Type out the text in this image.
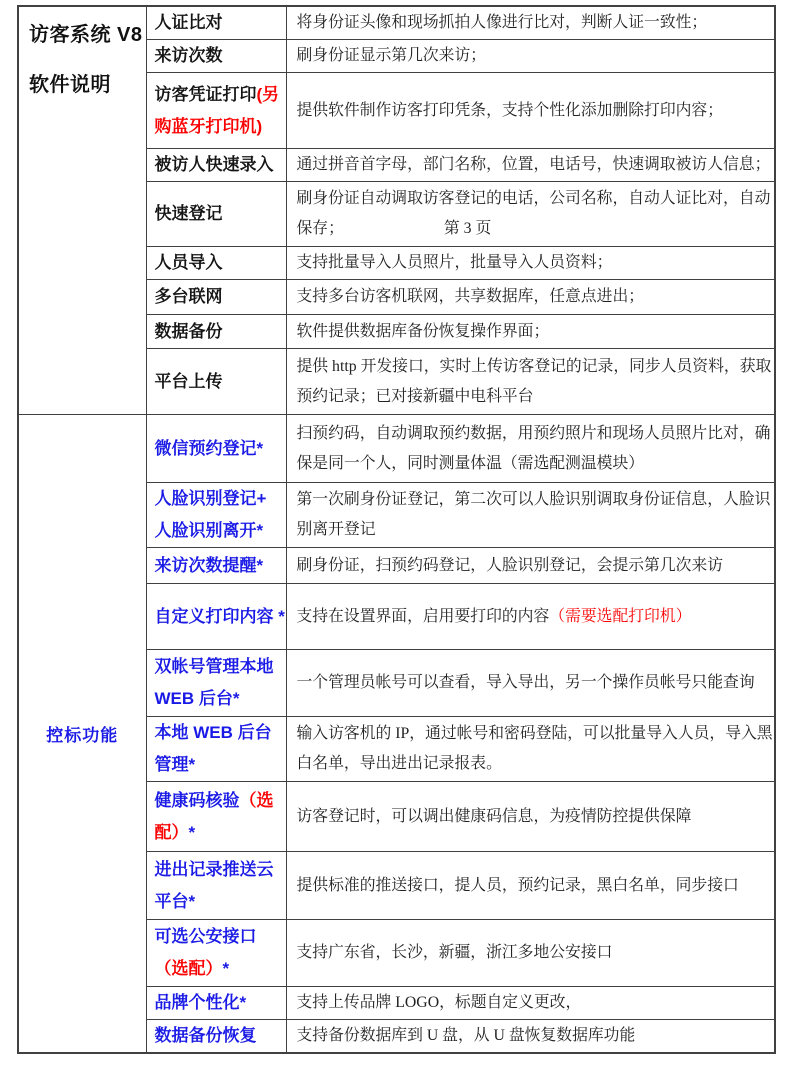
访客系统 V8
软件说明	人证比对	将身份证头像和现场抓拍人像进行比对，判断人证一致性；
	来访次数	刷身份证显示第几次来访；
	访客凭证打印(另购蓝牙打印机)	提供软件制作访客打印凭条，支持个性化添加删除打印内容；
	被访人快速录入	通过拼音首字母，部门名称，位置，电话号，快速调取被访人信息；
	快速登记	刷身份证自动调取访客登记的电话，公司名称，自动人证比对，自动保存； 第 3 页
	人员导入	支持批量导入人员照片，批量导入人员资料；
	多台联网	支持多台访客机联网，共享数据库，任意点进出；
	数据备份	软件提供数据库备份恢复操作界面；
	平台上传	提供 http 开发接口，实时上传访客登记的记录，同步人员资料，获取预约记录；已对接新疆中电科平台
控标功能	微信预约登记*	扫预约码，自动调取预约数据，用预约照片和现场人员照片比对，确保是同一个人，同时测量体温（需选配测温模块）
	人脸识别登记+ 人脸识别离开*	第一次刷身份证登记，第二次可以人脸识别调取身份证信息，人脸识别离开登记
	来访次数提醒*	刷身份证，扫预约码登记，人脸识别登记，会提示第几次来访
	自定义打印内容 *	支持在设置界面，启用要打印的内容（需要选配打印机）
	双帐号管理本地WEB 后台*	一个管理员帐号可以查看，导入导出，另一个操作员帐号只能查询
	本地 WEB 后台管理*	输入访客机的 IP，通过帐号和密码登陆，可以批量导入人员，导入黑白名单，导出进出记录报表。
	健康码核验（选配）*	访客登记时，可以调出健康码信息，为疫情防控提供保障
	进出记录推送云平台*	提供标准的推送接口，提人员，预约记录，黑白名单，同步接口
	可选公安接口（选配）*	支持广东省，长沙，新疆，浙江多地公安接口
	品牌个性化*	支持上传品牌 LOGO，标题自定义更改，
	数据备份恢复	支持备份数据库到 U 盘，从 U 盘恢复数据库功能
